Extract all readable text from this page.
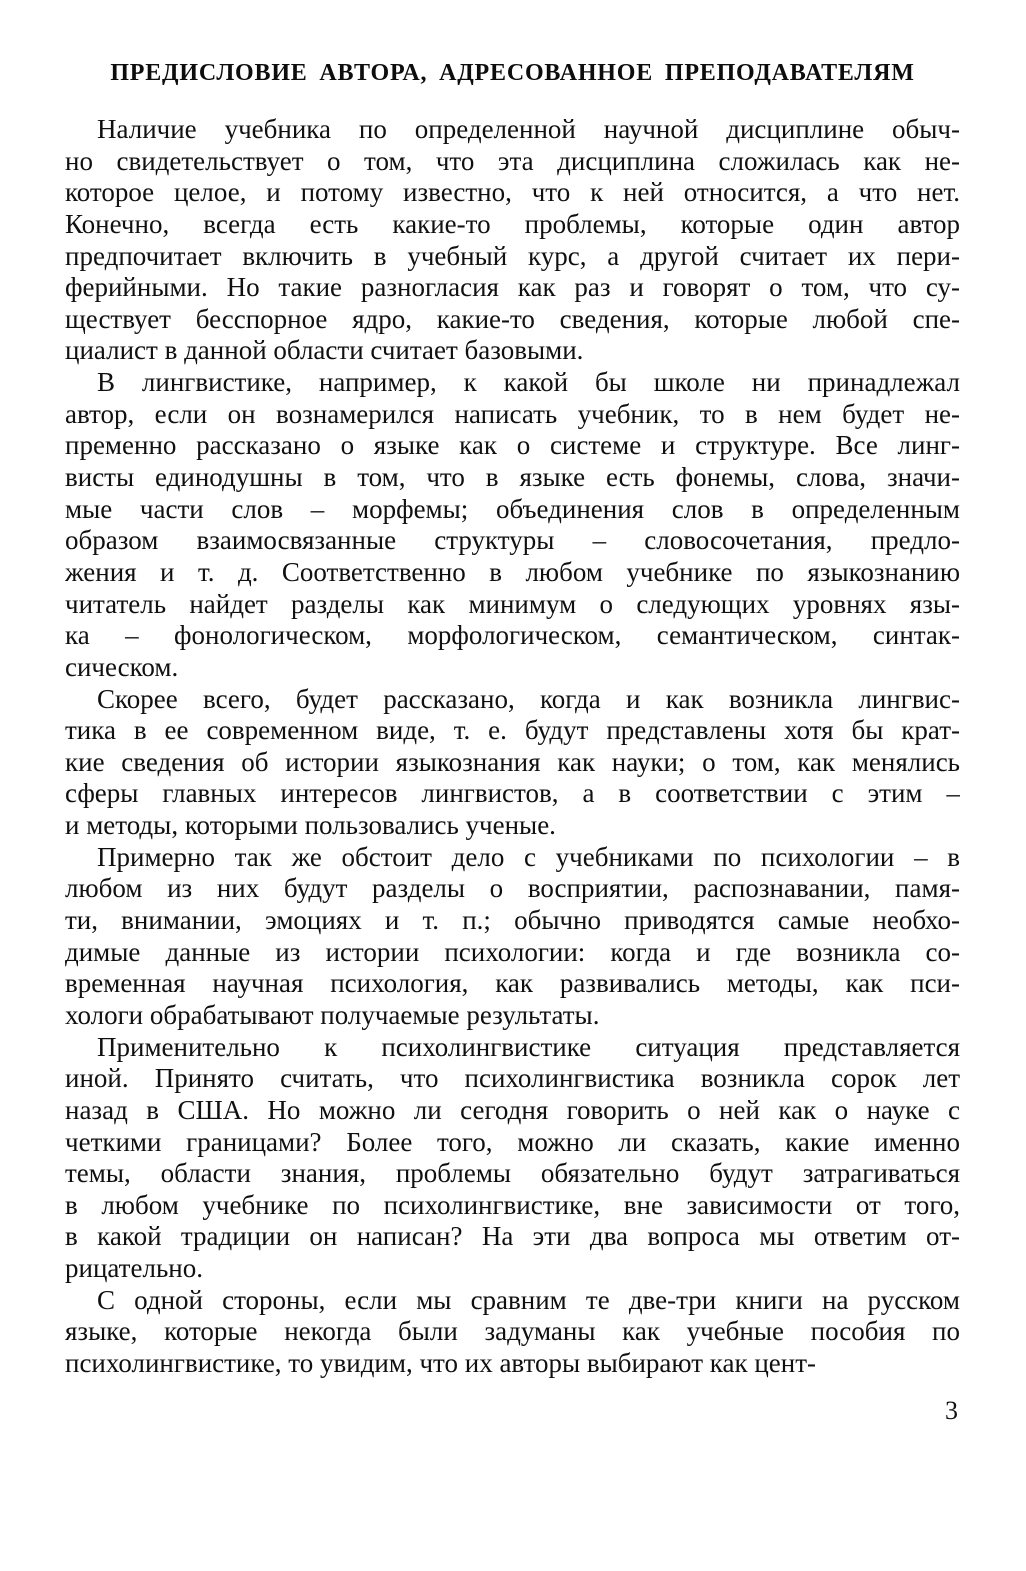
ПРЕДИСЛОВИЕ АВТОРА, АДРЕСОВАННОЕ ПРЕПОДАВАТЕЛЯМ
Наличие учебника по определенной научной дисциплине обыч-
но свидетельствует о том, что эта дисциплина сложилась как не-
которое целое, и потому известно, что к ней относится, а что нет.
Конечно, всегда есть какие-то проблемы, которые один автор
предпочитает включить в учебный курс, а другой считает их пери-
ферийными. Но такие разногласия как раз и говорят о том, что су-
ществует бесспорное ядро, какие-то сведения, которые любой спе-
циалист в данной области считает базовыми.
В лингвистике, например, к какой бы школе ни принадлежал
автор, если он вознамерился написать учебник, то в нем будет не-
пременно рассказано о языке как о системе и структуре. Все линг-
висты единодушны в том, что в языке есть фонемы, слова, значи-
мые части слов – морфемы; объединения слов в определенным
образом взаимосвязанные структуры – словосочетания, предло-
жения и т. д. Соответственно в любом учебнике по языкознанию
читатель найдет разделы как минимум о следующих уровнях язы-
ка – фонологическом, морфологическом, семантическом, синтак-
сическом.
Скорее всего, будет рассказано, когда и как возникла лингвис-
тика в ее современном виде, т. е. будут представлены хотя бы крат-
кие сведения об истории языкознания как науки; о том, как менялись
сферы главных интересов лингвистов, а в соответствии с этим –
и методы, которыми пользовались ученые.
Примерно так же обстоит дело с учебниками по психологии – в
любом из них будут разделы о восприятии, распознавании, памя-
ти, внимании, эмоциях и т. п.; обычно приводятся самые необхо-
димые данные из истории психологии: когда и где возникла со-
временная научная психология, как развивались методы, как пси-
хологи обрабатывают получаемые результаты.
Применительно к психолингвистике ситуация представляется
иной. Принято считать, что психолингвистика возникла сорок лет
назад в США. Но можно ли сегодня говорить о ней как о науке с
четкими границами? Более того, можно ли сказать, какие именно
темы, области знания, проблемы обязательно будут затрагиваться
в любом учебнике по психолингвистике, вне зависимости от того,
в какой традиции он написан? На эти два вопроса мы ответим от-
рицательно.
С одной стороны, если мы сравним те две-три книги на русском
языке, которые некогда были задуманы как учебные пособия по
психолингвистике, то увидим, что их авторы выбирают как цент-
3
